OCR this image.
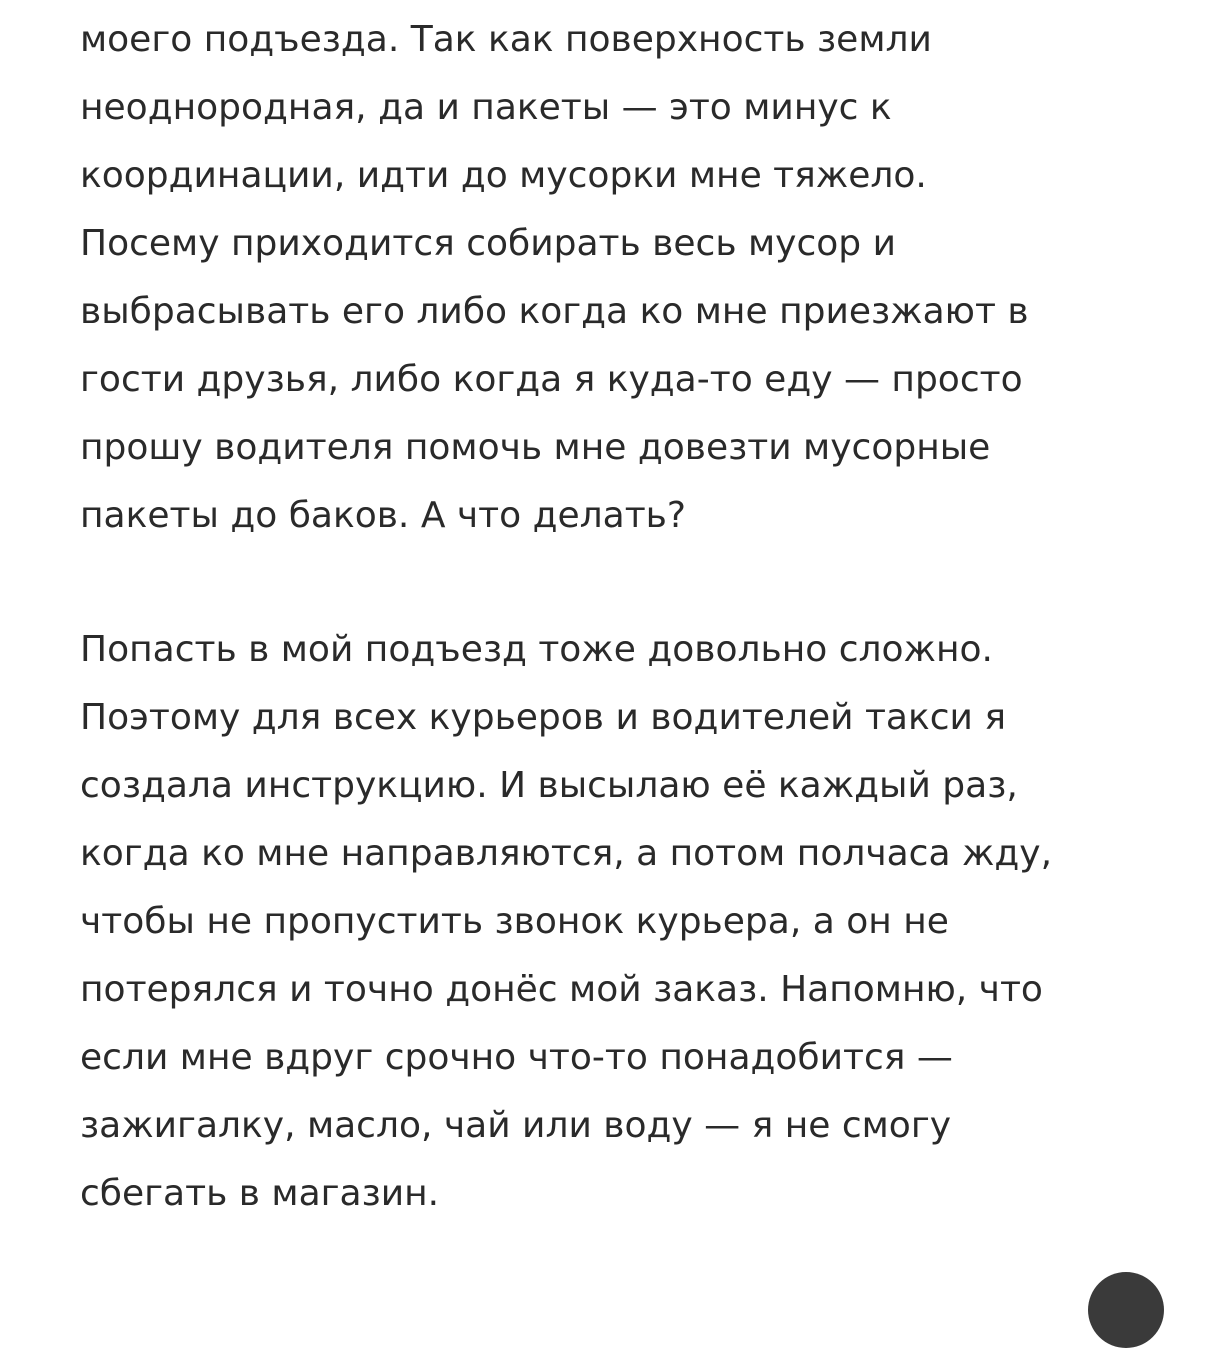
моего подъезда. Так как поверхность земли
неоднородная, да и пакеты — это минус к
координации, идти до мусорки мне тяжело.
Посему приходится собирать весь мусор и
выбрасывать его либо когда ко мне приезжают в
гости друзья, либо когда я куда-то еду — просто
прошу водителя помочь мне довезти мусорные
пакеты до баков. А что делать?
Попасть в мой подъезд тоже довольно сложно.
Поэтому для всех курьеров и водителей такси я
создала инструкцию. И высылаю её каждый раз,
когда ко мне направляются, а потом полчаса жду,
чтобы не пропустить звонок курьера, а он не
потерялся и точно донёс мой заказ. Напомню, что
если мне вдруг срочно что-то понадобится —
зажигалку, масло, чай или воду — я не смогу
сбегать в магазин.
